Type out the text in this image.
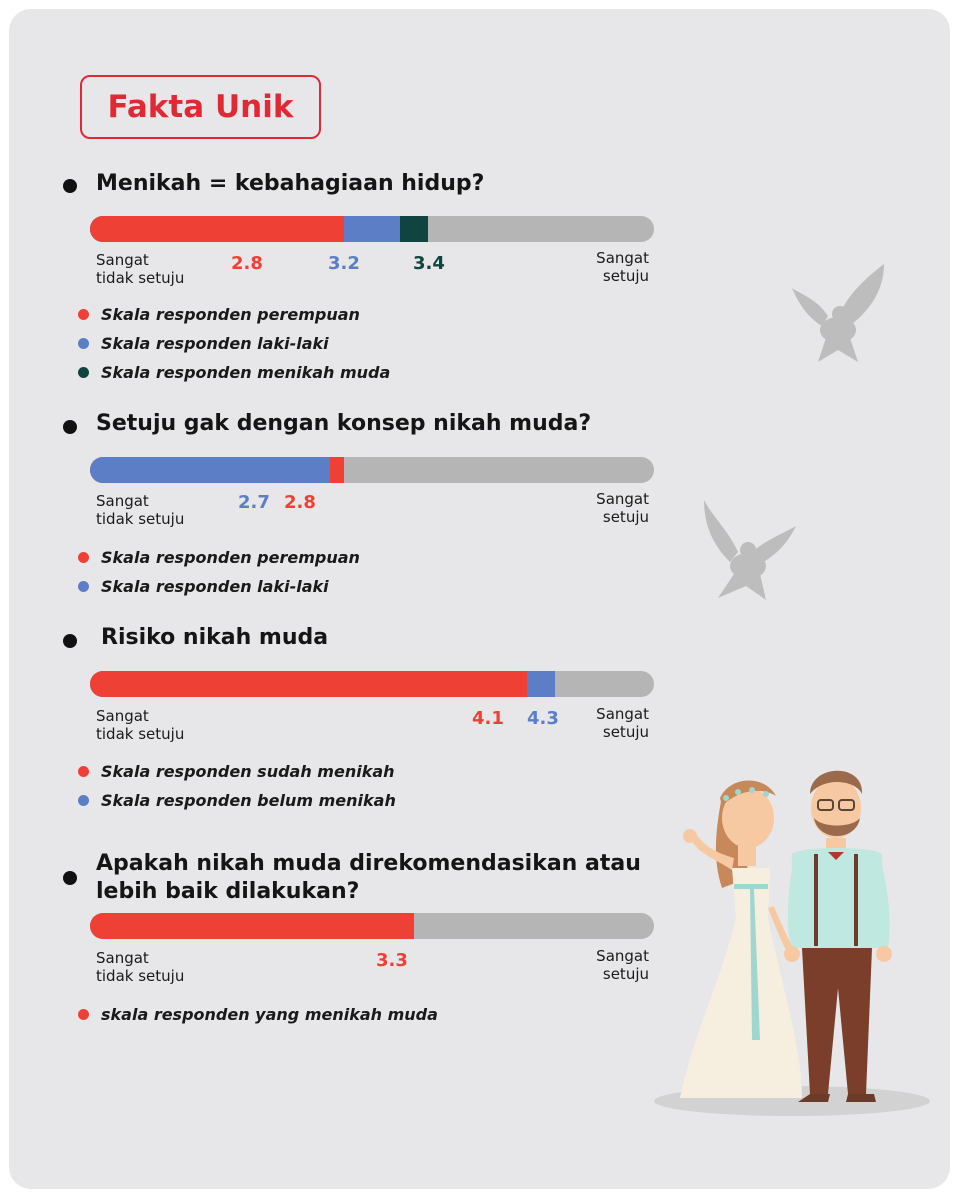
Fakta Unik

Menikah = kebahagiaan hidup?

Sangat
tidak setuju
Sangat
setuju
2.8	3.2	3.4
Skala responden perempuan
Skala responden laki-laki
Skala responden menikah muda

Setuju gak dengan konsep nikah muda?

Sangat
tidak setuju
Sangat
setuju
2.7 2.8
Skala responden perempuan
Skala responden laki-laki

Risiko nikah muda

Sangat
tidak setuju
Sangat
setuju
4.1 4.3
Skala responden sudah menikah
Skala responden belum menikah

Apakah nikah muda direkomendasikan atau
lebih baik dilakukan?

Sangat
tidak setuju
Sangat
setuju
3.3
skala responden yang menikah muda
